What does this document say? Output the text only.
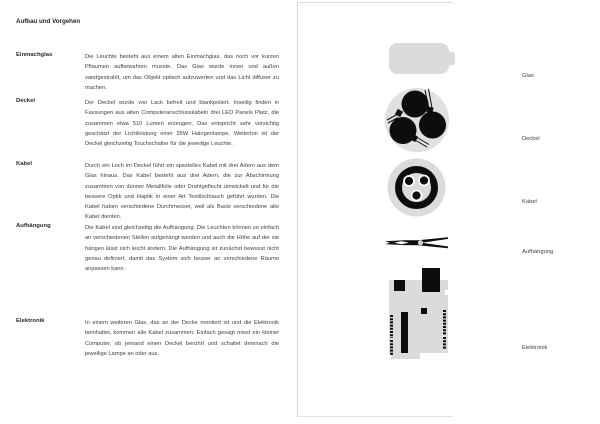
Aufbau und Vorgehen
Einmachglas	Die Leuchte besteht aus einem alten Einmachglas, das noch vor kurzen Pflaumen aufbewahren musste. Das Glas wurde innen und außen sandgestrahlt, um das Objekt optisch aufzuwerten und das Licht diffuser zu machen.
Deckel	Der Deckel wurde von Lack befreit und blankpoliert. Inseitig finden in Fassungen aus alten Computeranschlusskabeln drei LED Panels Platz, die zusammen etwa 510 Lumen erzeugen. Das entspricht sehr vorsichtig geschätzt der Lichtleistung einer 35W Halogenlampe. Weiterhin ist der Deckel gleichzeitig Touchschalter für die jeweilige Leuchte.
Kabel	Durch ein Loch im Deckel führt ein spezielles Kabel mit drei Adern aus dem Glas hinaus. Das Kabel besteht aus drei Adern, die zur Abschirmung zusammen von dünner Metallfolie oder Drahtgeflecht umwickelt und für die bessere Optik und Haptik in einer Art Textilschlauch geführt wurden. Die Kabel haben verschiedene Durchmesser, weil als Basis verschiedene alte Kabel dienten.
Aufhängung	Die Kabel sind gleichzeitig die Aufhängung. Die Leuchten können so einfach an verschiedenen Stellen aufgehängt werden und auch die Höhe auf der sie hängen lässt sich leicht ändern. Die Aufhängung ist zunächst bewusst nicht genau definiert, damit das System sich besser an verschiedene Räume anpassen kann.
Elektronik	In einem weiteren Glas, das an der Decke montiert ist und die Elektronik beinhaltet, kommen alle Kabel zusammen. Einfach gesagt misst ein kleiner Computer, ob jemand einen Deckel berührt und schaltet demnach die jeweilige Lampe an oder aus.
Glas
Deckel
Kabel
Aufhängung
Elektronik
